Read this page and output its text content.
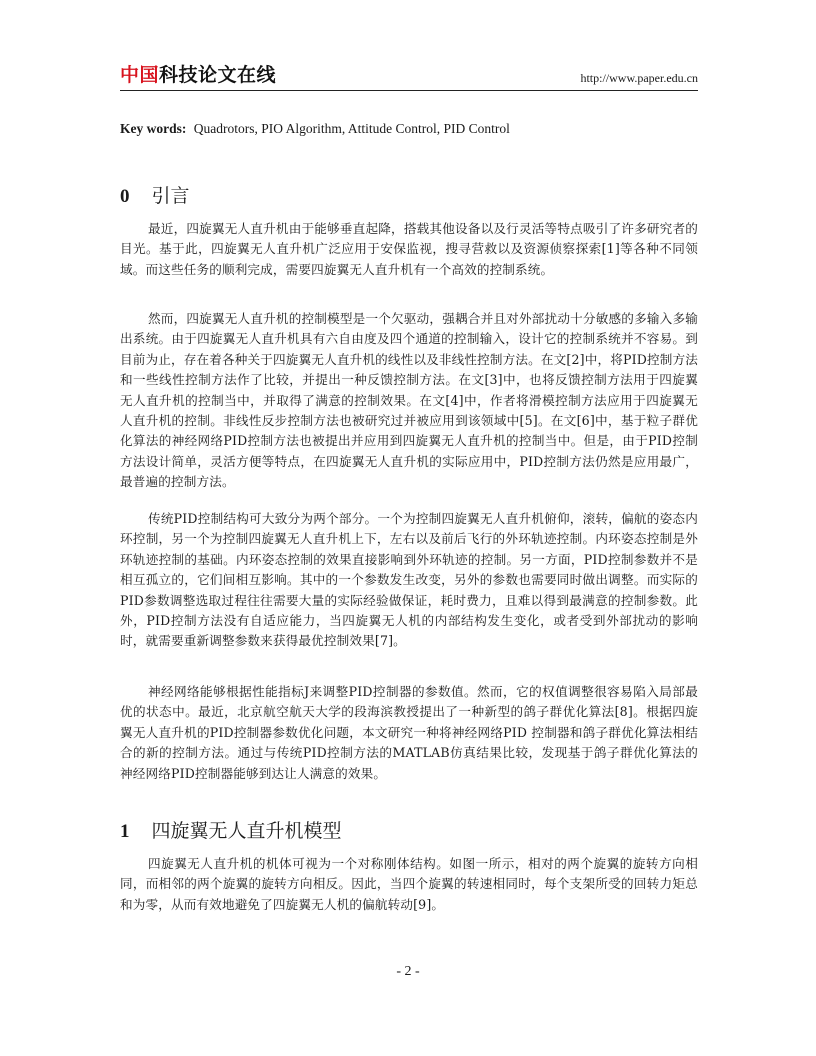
中国科技论文在线	http://www.paper.edu.cn
Key words: Quadrotors, PIO Algorithm, Attitude Control, PID Control
0 引言

最近，四旋翼无人直升机由于能够垂直起降，搭载其他设备以及行灵活等特点吸引了许多研究者的目光。基于此，四旋翼无人直升机广泛应用于安保监视，搜寻营救以及资源侦察探索[1]等各种不同领域。而这些任务的顺利完成，需要四旋翼无人直升机有一个高效的控制系统。

然而，四旋翼无人直升机的控制模型是一个欠驱动，强耦合并且对外部扰动十分敏感的多输入多输出系统。由于四旋翼无人直升机具有六自由度及四个通道的控制输入，设计它的控制系统并不容易。到目前为止，存在着各种关于四旋翼无人直升机的线性以及非线性控制方法。在文[2]中，将PID控制方法和一些线性控制方法作了比较，并提出一种反馈控制方法。在文[3]中，也将反馈控制方法用于四旋翼无人直升机的控制当中，并取得了满意的控制效果。在文[4]中，作者将滑模控制方法应用于四旋翼无人直升机的控制。非线性反步控制方法也被研究过并被应用到该领域中[5]。在文[6]中，基于粒子群优化算法的神经网络PID控制方法也被提出并应用到四旋翼无人直升机的控制当中。但是，由于PID控制方法设计简单，灵活方便等特点，在四旋翼无人直升机的实际应用中，PID控制方法仍然是应用最广，最普遍的控制方法。

传统PID控制结构可大致分为两个部分。一个为控制四旋翼无人直升机俯仰，滚转，偏航的姿态内环控制，另一个为控制四旋翼无人直升机上下，左右以及前后飞行的外环轨迹控制。内环姿态控制是外环轨迹控制的基础。内环姿态控制的效果直接影响到外环轨迹的控制。另一方面，PID控制参数并不是相互孤立的，它们间相互影响。其中的一个参数发生改变，另外的参数也需要同时做出调整。而实际的PID参数调整选取过程往往需要大量的实际经验做保证，耗时费力，且难以得到最满意的控制参数。此外，PID控制方法没有自适应能力，当四旋翼无人机的内部结构发生变化，或者受到外部扰动的影响时，就需要重新调整参数来获得最优控制效果[7]。

神经网络能够根据性能指标J来调整PID控制器的参数值。然而，它的权值调整很容易陷入局部最优的状态中。最近，北京航空航天大学的段海滨教授提出了一种新型的鸽子群优化算法[8]。根据四旋翼无人直升机的PID控制器参数优化问题，本文研究一种将神经网络PID 控制器和鸽子群优化算法相结合的新的控制方法。通过与传统PID控制方法的MATLAB仿真结果比较，发现基于鸽子群优化算法的神经网络PID控制器能够到达让人满意的效果。

1 四旋翼无人直升机模型

四旋翼无人直升机的机体可视为一个对称刚体结构。如图一所示，相对的两个旋翼的旋转方向相同，而相邻的两个旋翼的旋转方向相反。因此，当四个旋翼的转速相同时，每个支架所受的回转力矩总和为零，从而有效地避免了四旋翼无人机的偏航转动[9]。

- 2 -
